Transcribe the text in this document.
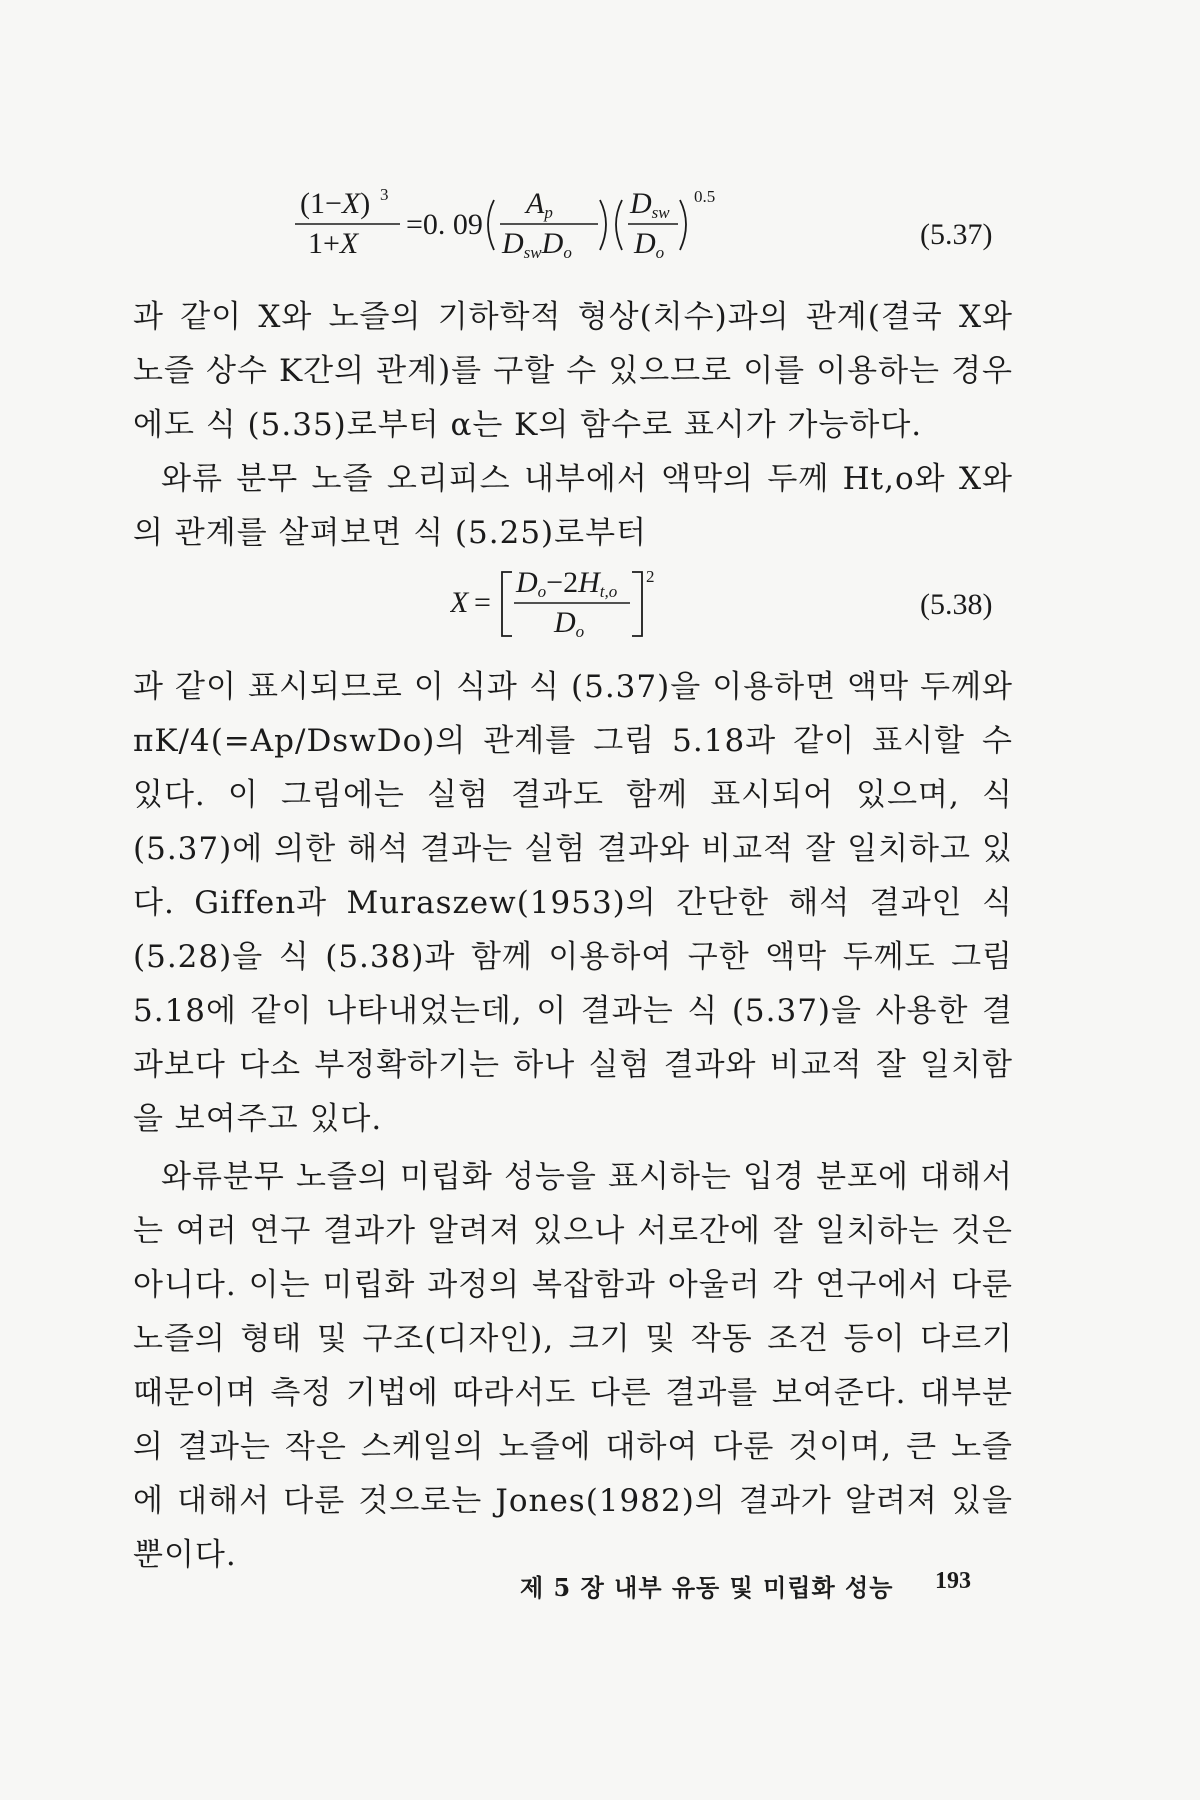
(1−X) 3
1+X
=0. 09
Ap
DswDo
Dsw
Do
0.5
(5.37)
과 같이 X와 노즐의 기하학적 형상(치수)과의 관계(결국 X와 노즐 상수 K간의 관계)를 구할 수 있으므로 이를 이용하는 경우에도 식 (5.35)로부터 α는 K의 함수로 표시가 가능하다.
와류 분무 노즐 오리피스 내부에서 액막의 두께 Ht,o와 X와의 관계를 살펴보면 식 (5.25)로부터
X =
Do−2Ht,o
Do
2
(5.38)
과 같이 표시되므로 이 식과 식 (5.37)을 이용하면 액막 두께와 πK/4(=Ap/DswDo)의 관계를 그림 5.18과 같이 표시할 수 있다. 이 그림에는 실험 결과도 함께 표시되어 있으며, 식 (5.37)에 의한 해석 결과는 실험 결과와 비교적 잘 일치하고 있다. Giffen과 Muraszew(1953)의 간단한 해석 결과인 식 (5.28)을 식 (5.38)과 함께 이용하여 구한 액막 두께도 그림 5.18에 같이 나타내었는데, 이 결과는 식 (5.37)을 사용한 결과보다 다소 부정확하기는 하나 실험 결과와 비교적 잘 일치함을 보여주고 있다.
와류분무 노즐의 미립화 성능을 표시하는 입경 분포에 대해서는 여러 연구 결과가 알려져 있으나 서로간에 잘 일치하는 것은 아니다. 이는 미립화 과정의 복잡함과 아울러 각 연구에서 다룬 노즐의 형태 및 구조(디자인), 크기 및 작동 조건 등이 다르기 때문이며 측정 기법에 따라서도 다른 결과를 보여준다. 대부분의 결과는 작은 스케일의 노즐에 대하여 다룬 것이며, 큰 노즐에 대해서 다룬 것으로는 Jones(1982)의 결과가 알려져 있을 뿐이다.
제 5 장 내부 유동 및 미립화 성능 193
